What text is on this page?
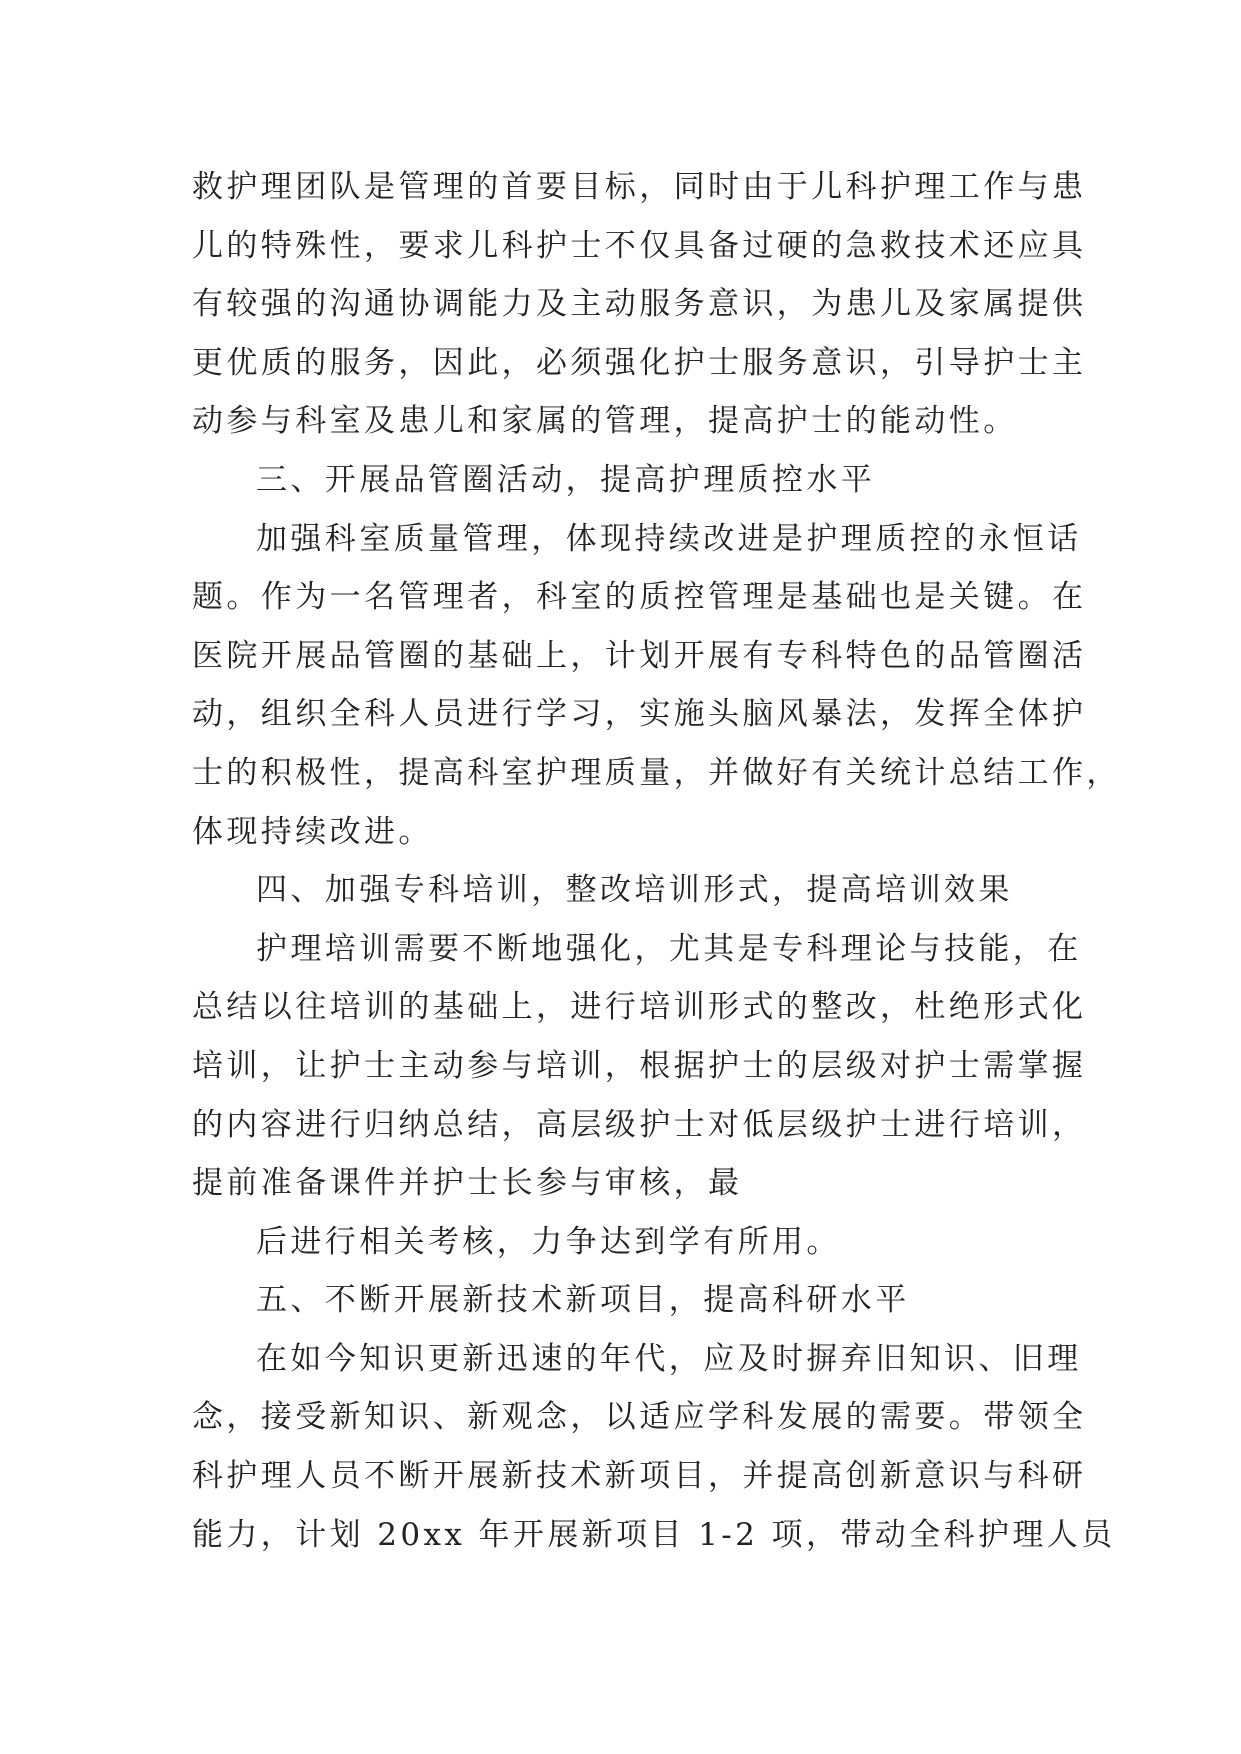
救护理团队是管理的首要目标，同时由于儿科护理工作与患
儿的特殊性，要求儿科护士不仅具备过硬的急救技术还应具
有较强的沟通协调能力及主动服务意识，为患儿及家属提供
更优质的服务，因此，必须强化护士服务意识，引导护士主
动参与科室及患儿和家属的管理，提高护士的能动性。
三、开展品管圈活动，提高护理质控水平
加强科室质量管理，体现持续改进是护理质控的永恒话
题。作为一名管理者，科室的质控管理是基础也是关键。在
医院开展品管圈的基础上，计划开展有专科特色的品管圈活
动，组织全科人员进行学习，实施头脑风暴法，发挥全体护
士的积极性，提高科室护理质量，并做好有关统计总结工作，
体现持续改进。
四、加强专科培训，整改培训形式，提高培训效果
护理培训需要不断地强化，尤其是专科理论与技能，在
总结以往培训的基础上，进行培训形式的整改，杜绝形式化
培训，让护士主动参与培训，根据护士的层级对护士需掌握
的内容进行归纳总结，高层级护士对低层级护士进行培训，
提前准备课件并护士长参与审核，最
后进行相关考核，力争达到学有所用。
五、不断开展新技术新项目，提高科研水平
在如今知识更新迅速的年代，应及时摒弃旧知识、旧理
念，接受新知识、新观念，以适应学科发展的需要。带领全
科护理人员不断开展新技术新项目，并提高创新意识与科研
能力，计划 20xx 年开展新项目 1-2 项，带动全科护理人员
